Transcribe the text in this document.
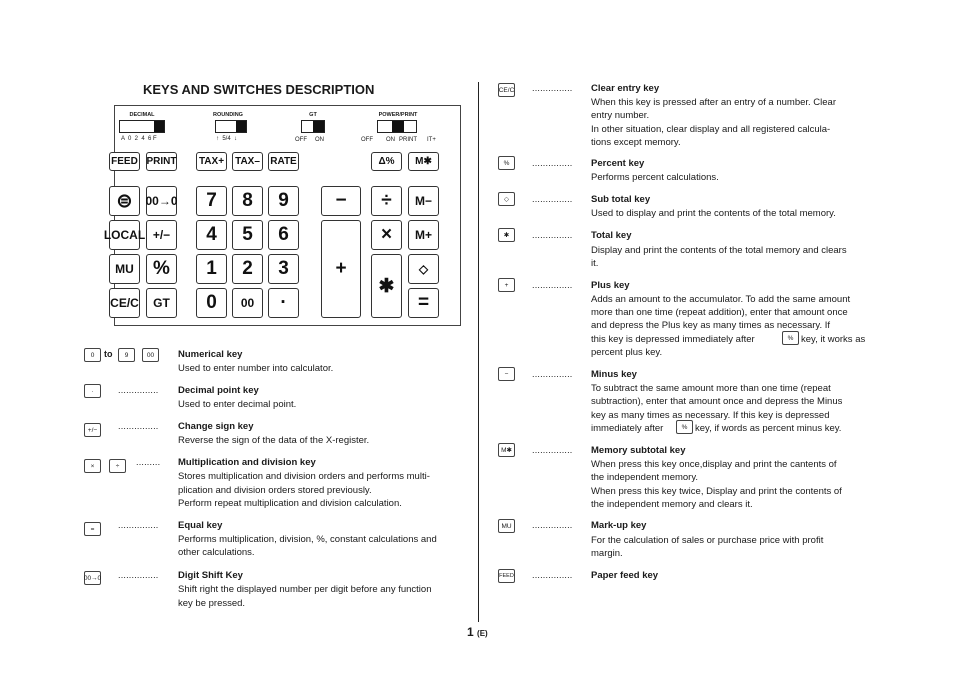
KEYS AND SWITCHES DESCRIPTION
DECIMAL
A  0  2  4  6 F
ROUNDING
↑  5/4  ↓
GT
OFF ON
POWER/PRINT
OFF ON PRINT IT+
FEED PRINT TAX+	TAX–	RATE	Δ%	M✱
⊜	00→0	7	8	9	−	÷	M−
LOCAL +/−	4	5	6
+
×	M+
MU	%	1	2	3
✱
◇
CE/C	GT	0	00	·	=
0	to	9	00	Numerical key
Used to enter number into calculator.
·	............... Decimal point key
Used to enter decimal point.
+/−	............... Change sign key
Reverse the sign of the data of the X-register.
×	÷	......... Multiplication and division key
Stores multiplication and division orders and performs multi-
plication and division orders stored previously.
Perform repeat multiplication and division calculation.
=	............... Equal key
Performs multiplication, division, %, constant calculations and
other calculations.
00→0 ............... Digit Shift Key
Shift right the displayed number per digit before any function
key be pressed.
CE/C ............... Clear entry key
When this key is pressed after an entry of a number. Clear
entry number.
In other situation, clear display and all registered calcula-
tions except memory.
%	............... Percent key
Performs percent calculations.
◇	............... Sub total key
Used to display and print the contents of the total memory.
✱	............... Total key
Display and print the contents of the total memory and clears
it.
+	............... Plus key
Adds an amount to the accumulator. To add the same amount
more than one time (repeat addition), enter that amount once
and depress the Plus key as many times as necessary. If
this key is depressed immediately after	% key, it works as
percent plus key.
−	............... Minus key
To subtract the same amount more than one time (repeat
subtraction), enter that amount once and depress the Minus
key as many times as necessary. If this key is depressed
immediately after	% key, if words as percent minus key.
M✱	............... Memory subtotal key
When press this key once,display and print the cantents of
the independent memory.
When press this key twice, Display and print the contents of
the independent memory and clears it.
MU	............... Mark-up key
For the calculation of sales or purchase price with profit
margin.
FEED ............... Paper feed key
1 (E)
